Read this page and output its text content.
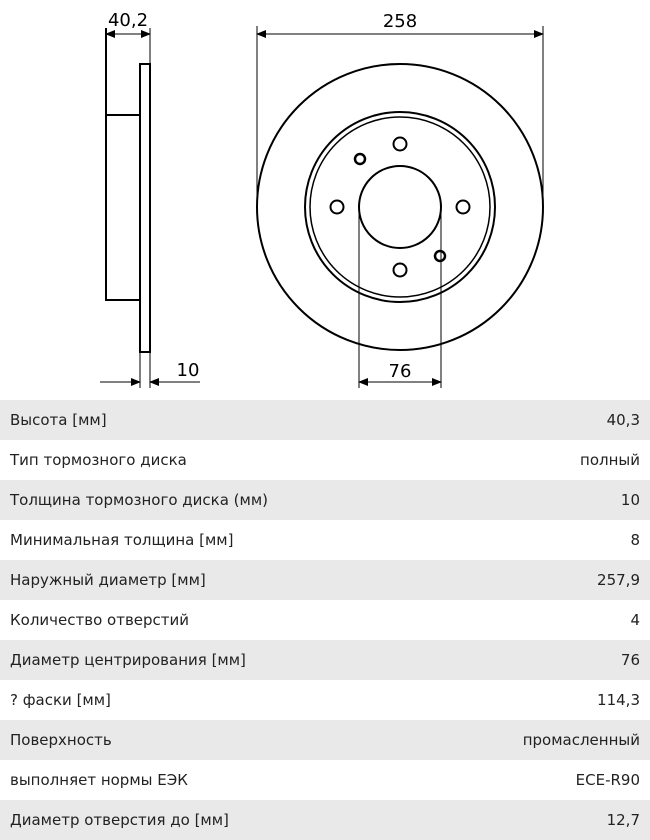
40,2
10
258
76
Высота [мм]	40,3
Тип тормозного диска	полный
Толщина тормозного диска (мм)	10
Минимальная толщина [мм]	8
Наружный диаметр [мм]	257,9
Количество отверстий	4
Диаметр центрирования [мм]	76
? фаски [мм]	114,3
Поверхность	промасленный
выполняет нормы ЕЭК	ECE-R90
Диаметр отверстия до [мм]	12,7
